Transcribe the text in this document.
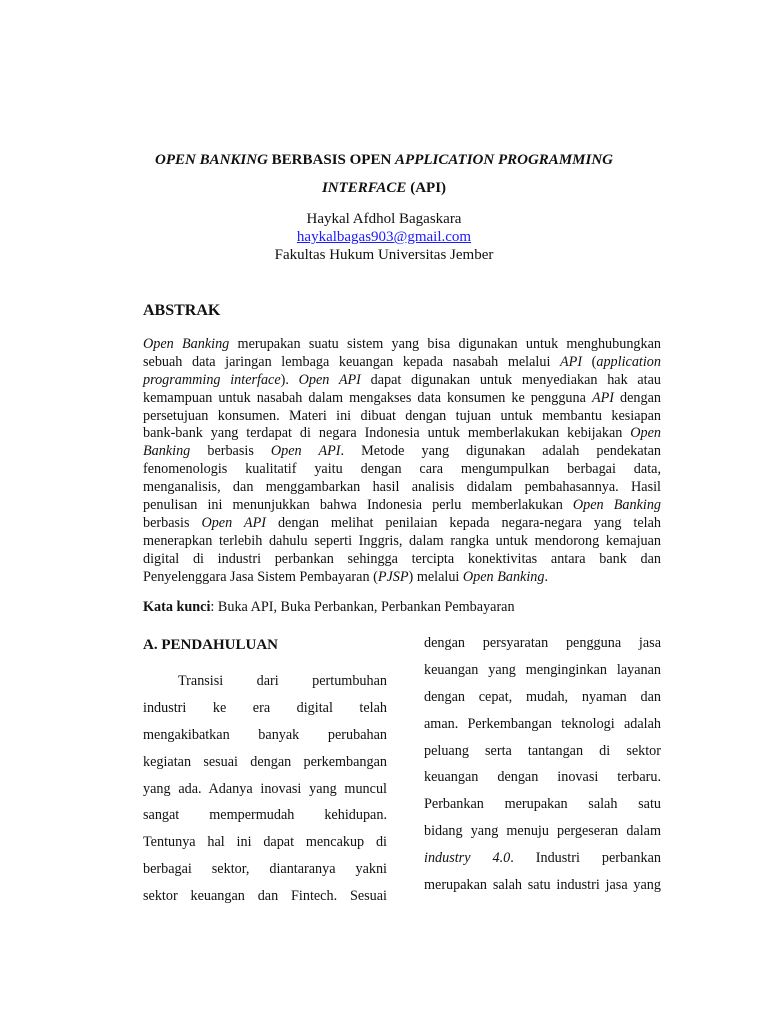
OPEN BANKING BERBASIS OPEN APPLICATION PROGRAMMING
INTERFACE (API)
Haykal Afdhol Bagaskara
haykalbagas903@gmail.com
Fakultas Hukum Universitas Jember
ABSTRAK
Open Banking merupakan suatu sistem yang bisa digunakan untuk menghubungkan
sebuah data jaringan lembaga keuangan kepada nasabah melalui API (application
programming interface). Open API dapat digunakan untuk menyediakan hak atau
kemampuan untuk nasabah dalam mengakses data konsumen ke pengguna API dengan
persetujuan konsumen. Materi ini dibuat dengan tujuan untuk membantu kesiapan
bank-bank yang terdapat di negara Indonesia untuk memberlakukan kebijakan Open
Banking berbasis Open API. Metode yang digunakan adalah pendekatan
fenomenologis kualitatif yaitu dengan cara mengumpulkan berbagai data,
menganalisis, dan menggambarkan hasil analisis didalam pembahasannya. Hasil
penulisan ini menunjukkan bahwa Indonesia perlu memberlakukan Open Banking
berbasis Open API dengan melihat penilaian kepada negara-negara yang telah
menerapkan terlebih dahulu seperti Inggris, dalam rangka untuk mendorong kemajuan
digital di industri perbankan sehingga tercipta konektivitas antara bank dan
Penyelenggara Jasa Sistem Pembayaran (PJSP) melalui Open Banking.
Kata kunci: Buka API, Buka Perbankan, Perbankan Pembayaran
A. PENDAHULUAN
Transisi dari pertumbuhan
industri ke era digital telah
mengakibatkan banyak perubahan
kegiatan sesuai dengan perkembangan
yang ada. Adanya inovasi yang muncul
sangat mempermudah kehidupan.
Tentunya hal ini dapat mencakup di
berbagai sektor, diantaranya yakni
sektor keuangan dan Fintech. Sesuai
dengan persyaratan pengguna jasa
keuangan yang menginginkan layanan
dengan cepat, mudah, nyaman dan
aman. Perkembangan teknologi adalah
peluang serta tantangan di sektor
keuangan dengan inovasi terbaru.
Perbankan merupakan salah satu
bidang yang menuju pergeseran dalam
industry 4.0. Industri perbankan
merupakan salah satu industri jasa yang
